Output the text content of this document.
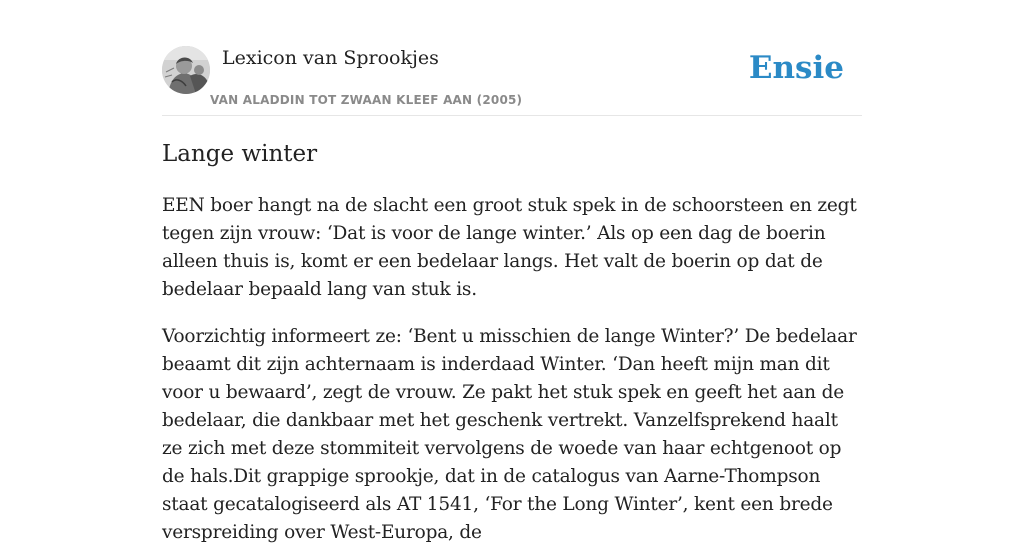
Lexicon van Sprookjes
VAN ALADDIN TOT ZWAAN KLEEF AAN (2005)
Ensie
Lange winter

EEN boer hangt na de slacht een groot stuk spek in de schoorsteen en zegt tegen zijn vrouw: ‘Dat is voor de lange winter.’ Als op een dag de boerin alleen thuis is, komt er een bedelaar langs. Het valt de boerin op dat de bedelaar bepaald lang van stuk is.

Voorzichtig informeert ze: ‘Bent u misschien de lange Winter?’ De bedelaar beaamt dit zijn achternaam is inderdaad Winter. ‘Dan heeft mijn man dit voor u bewaard’, zegt de vrouw. Ze pakt het stuk spek en geeft het aan de bedelaar, die dankbaar met het geschenk vertrekt. Vanzelfsprekend haalt ze zich met deze stommiteit vervolgens de woede van haar echtgenoot op de hals.Dit grappige sprookje, dat in de catalogus van Aarne-Thompson staat gecatalogiseerd als AT 1541, ‘For the Long Winter’, kent een brede verspreiding over West-Europa, de
